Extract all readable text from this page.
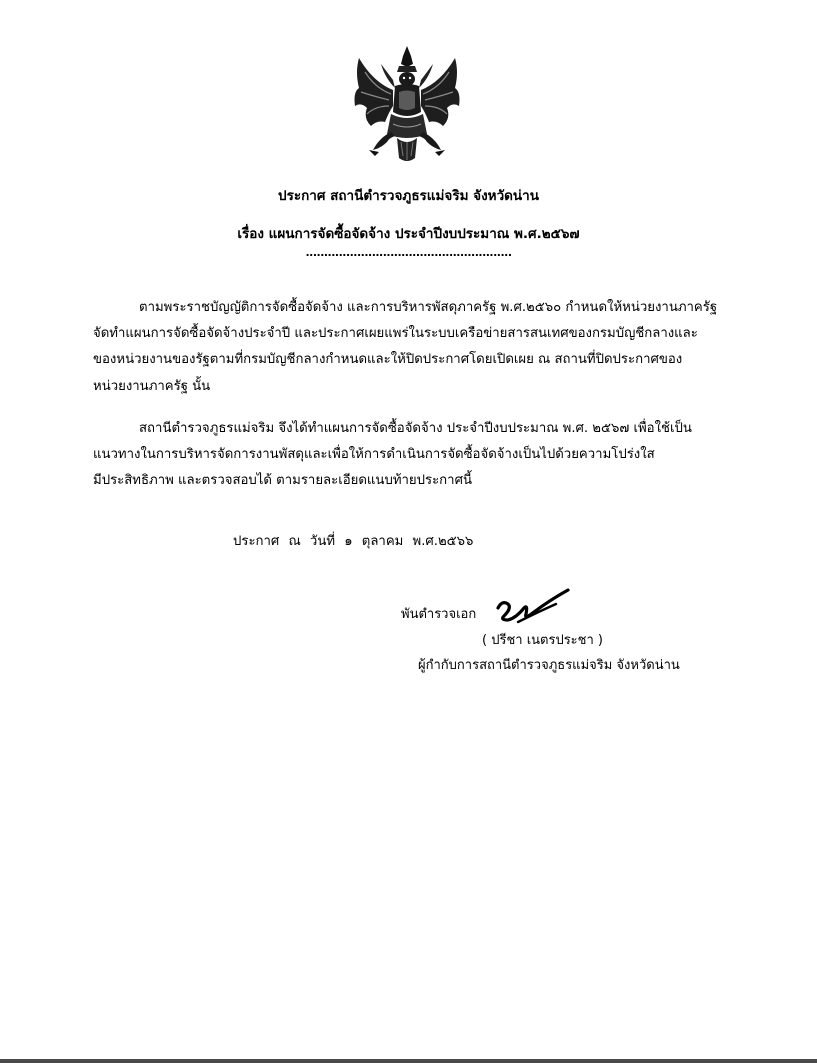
ประกาศ สถานีตำรวจภูธรแม่จริม จังหวัดน่าน
เรื่อง แผนการจัดซื้อจัดจ้าง ประจำปีงบประมาณ พ.ศ.๒๕๖๗
........................................................
ตามพระราชบัญญัติการจัดซื้อจัดจ้าง และการบริหารพัสดุภาครัฐ พ.ศ.๒๕๖๐ กำหนดให้หน่วยงานภาครัฐ
จัดทำแผนการจัดซื้อจัดจ้างประจำปี และประกาศเผยแพร่ในระบบเครือข่ายสารสนเทศของกรมบัญชีกลางและ
ของหน่วยงานของรัฐตามที่กรมบัญชีกลางกำหนดและให้ปิดประกาศโดยเปิดเผย ณ สถานที่ปิดประกาศของ
หน่วยงานภาครัฐ นั้น
สถานีตำรวจภูธรแม่จริม จึงได้ทำแผนการจัดซื้อจัดจ้าง ประจำปีงบประมาณ พ.ศ. ๒๕๖๗ เพื่อใช้เป็น
แนวทางในการบริหารจัดการงานพัสดุและเพื่อให้การดำเนินการจัดซื้อจัดจ้างเป็นไปด้วยความโปร่งใส
มีประสิทธิภาพ และตรวจสอบได้ ตามรายละเอียดแนบท้ายประกาศนี้
ประกาศ ณ วันที่ ๑ ตุลาคม พ.ศ.๒๕๖๖
พันตำรวจเอก
( ปรีชา เนตรประชา )
ผู้กำกับการสถานีตำรวจภูธรแม่จริม จังหวัดน่าน
